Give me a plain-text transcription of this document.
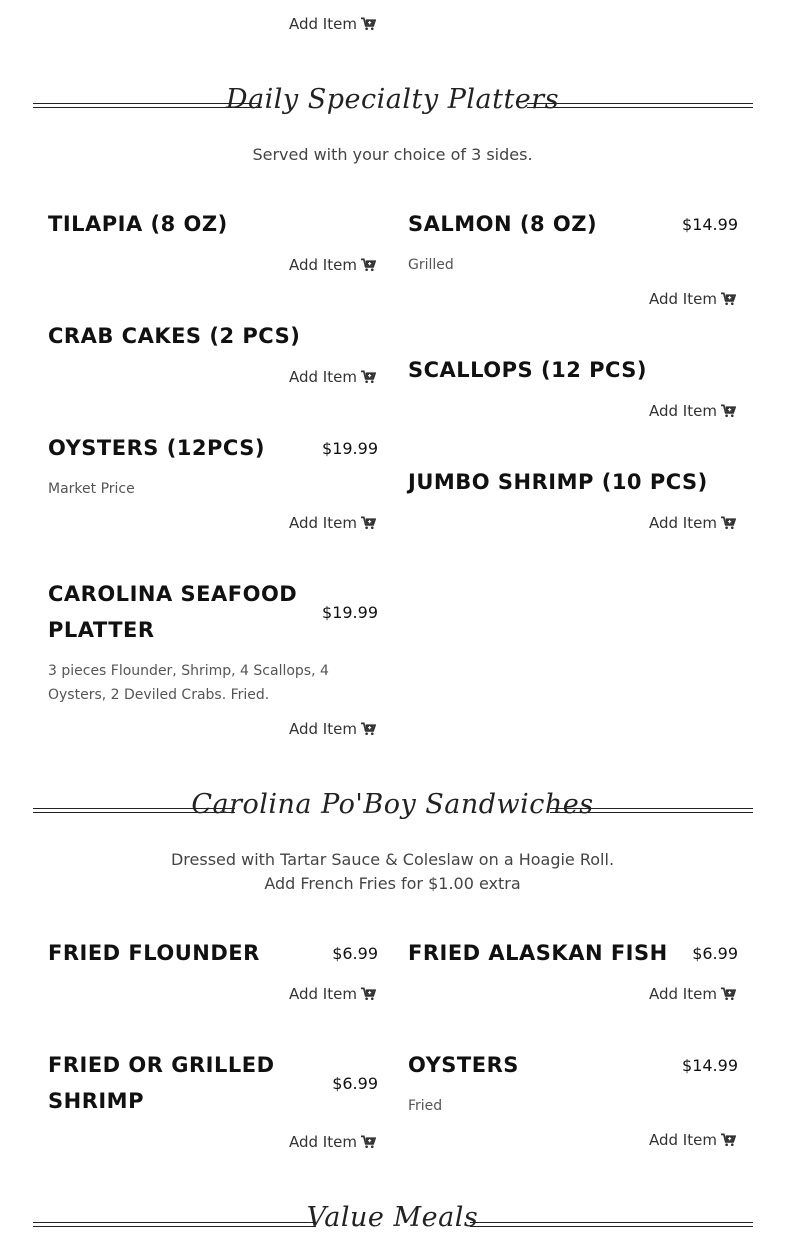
Add Item
Daily Specialty Platters
Served with your choice of 3 sides.
TILAPIA (8 OZ)
Add Item
SALMON (8 OZ)	$14.99
Grilled
Add Item
CRAB CAKES (2 PCS)
Add Item SCALLOPS (12 PCS)
Add Item
OYSTERS (12PCS)	$19.99
Market Price
Add Item
JUMBO SHRIMP (10 PCS)
Add Item
CAROLINA SEAFOOD
PLATTER
$19.99
3 pieces Flounder, Shrimp, 4 Scallops, 4
Oysters, 2 Deviled Crabs. Fried.
Add Item
Carolina Po'Boy Sandwiches
Dressed with Tartar Sauce & Coleslaw on a Hoagie Roll.
Add French Fries for $1.00 extra
FRIED FLOUNDER	$6.99
Add Item
FRIED ALASKAN FISH $6.99
Add Item
FRIED OR GRILLED
SHRIMP
$6.99
Add Item
OYSTERS	$14.99
Fried
Add Item
Value Meals
